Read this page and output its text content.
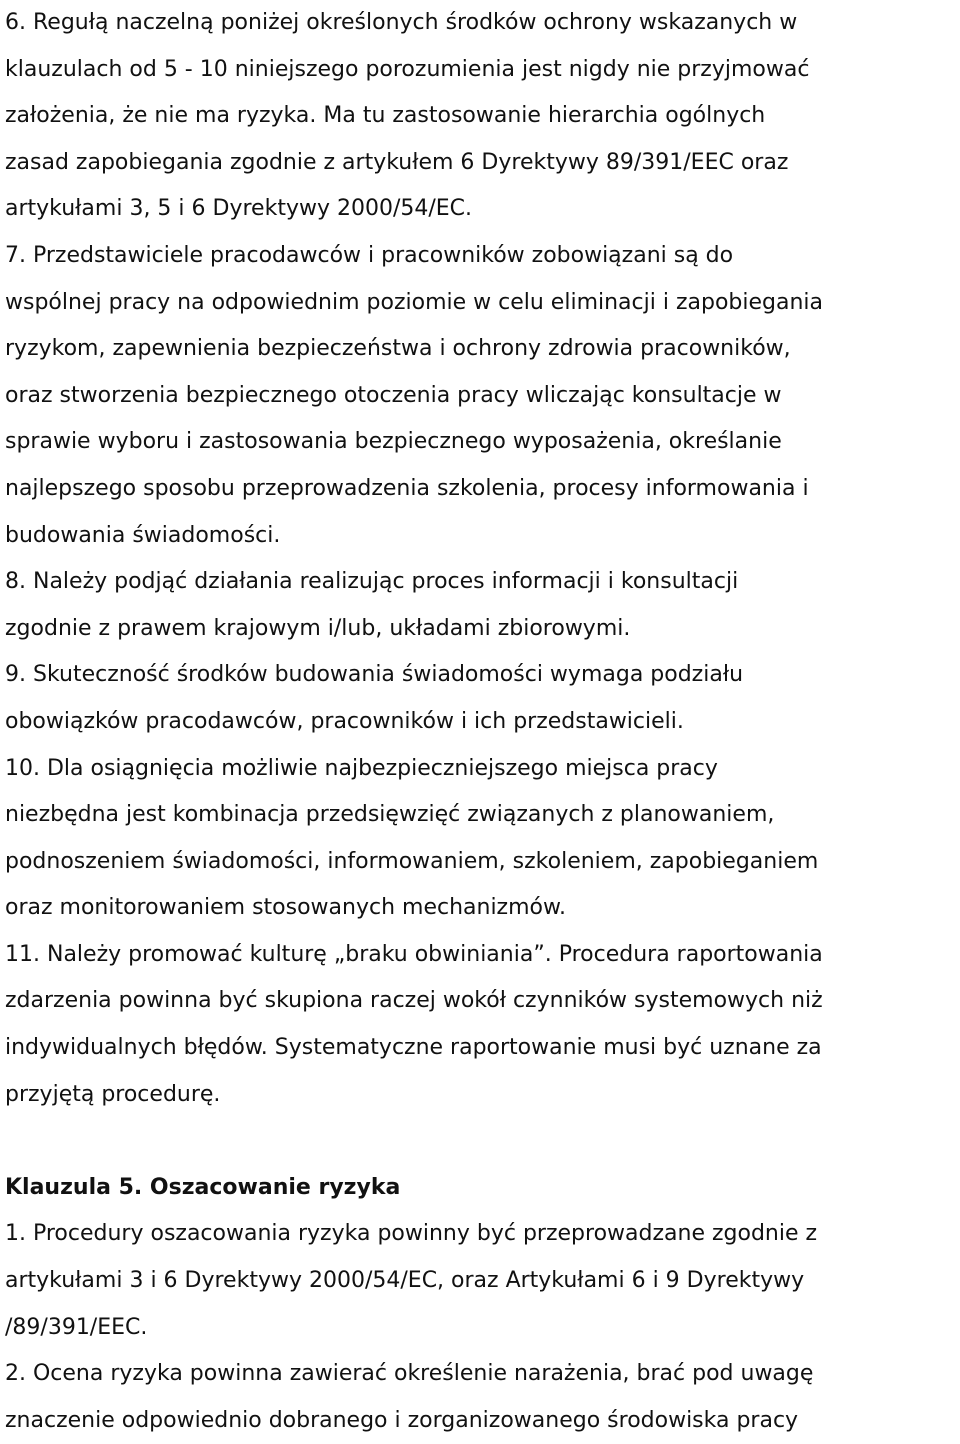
6. Regułą naczelną poniżej określonych środków ochrony wskazanych w
klauzulach od 5 - 10 niniejszego porozumienia jest nigdy nie przyjmować
założenia, że nie ma ryzyka. Ma tu zastosowanie hierarchia ogólnych
zasad zapobiegania zgodnie z artykułem 6 Dyrektywy 89/391/EEC oraz
artykułami 3, 5 i 6 Dyrektywy 2000/54/EC.
7. Przedstawiciele pracodawców i pracowników zobowiązani są do
wspólnej pracy na odpowiednim poziomie w celu eliminacji i zapobiegania
ryzykom, zapewnienia bezpieczeństwa i ochrony zdrowia pracowników,
oraz stworzenia bezpiecznego otoczenia pracy wliczając konsultacje w
sprawie wyboru i zastosowania bezpiecznego wyposażenia, określanie
najlepszego sposobu przeprowadzenia szkolenia, procesy informowania i
budowania świadomości.
8. Należy podjąć działania realizując proces informacji i konsultacji
zgodnie z prawem krajowym i/lub, układami zbiorowymi.
9. Skuteczność środków budowania świadomości wymaga podziału
obowiązków pracodawców, pracowników i ich przedstawicieli.
10. Dla osiągnięcia możliwie najbezpieczniejszego miejsca pracy
niezbędna jest kombinacja przedsięwzięć związanych z planowaniem,
podnoszeniem świadomości, informowaniem, szkoleniem, zapobieganiem
oraz monitorowaniem stosowanych mechanizmów.
11. Należy promować kulturę „braku obwiniania”. Procedura raportowania
zdarzenia powinna być skupiona raczej wokół czynników systemowych niż
indywidualnych błędów. Systematyczne raportowanie musi być uznane za
przyjętą procedurę.
Klauzula 5. Oszacowanie ryzyka
1. Procedury oszacowania ryzyka powinny być przeprowadzane zgodnie z
artykułami 3 i 6 Dyrektywy 2000/54/EC, oraz Artykułami 6 i 9 Dyrektywy
/89/391/EEC.
2. Ocena ryzyka powinna zawierać określenie narażenia, brać pod uwagę
znaczenie odpowiednio dobranego i zorganizowanego środowiska pracy
